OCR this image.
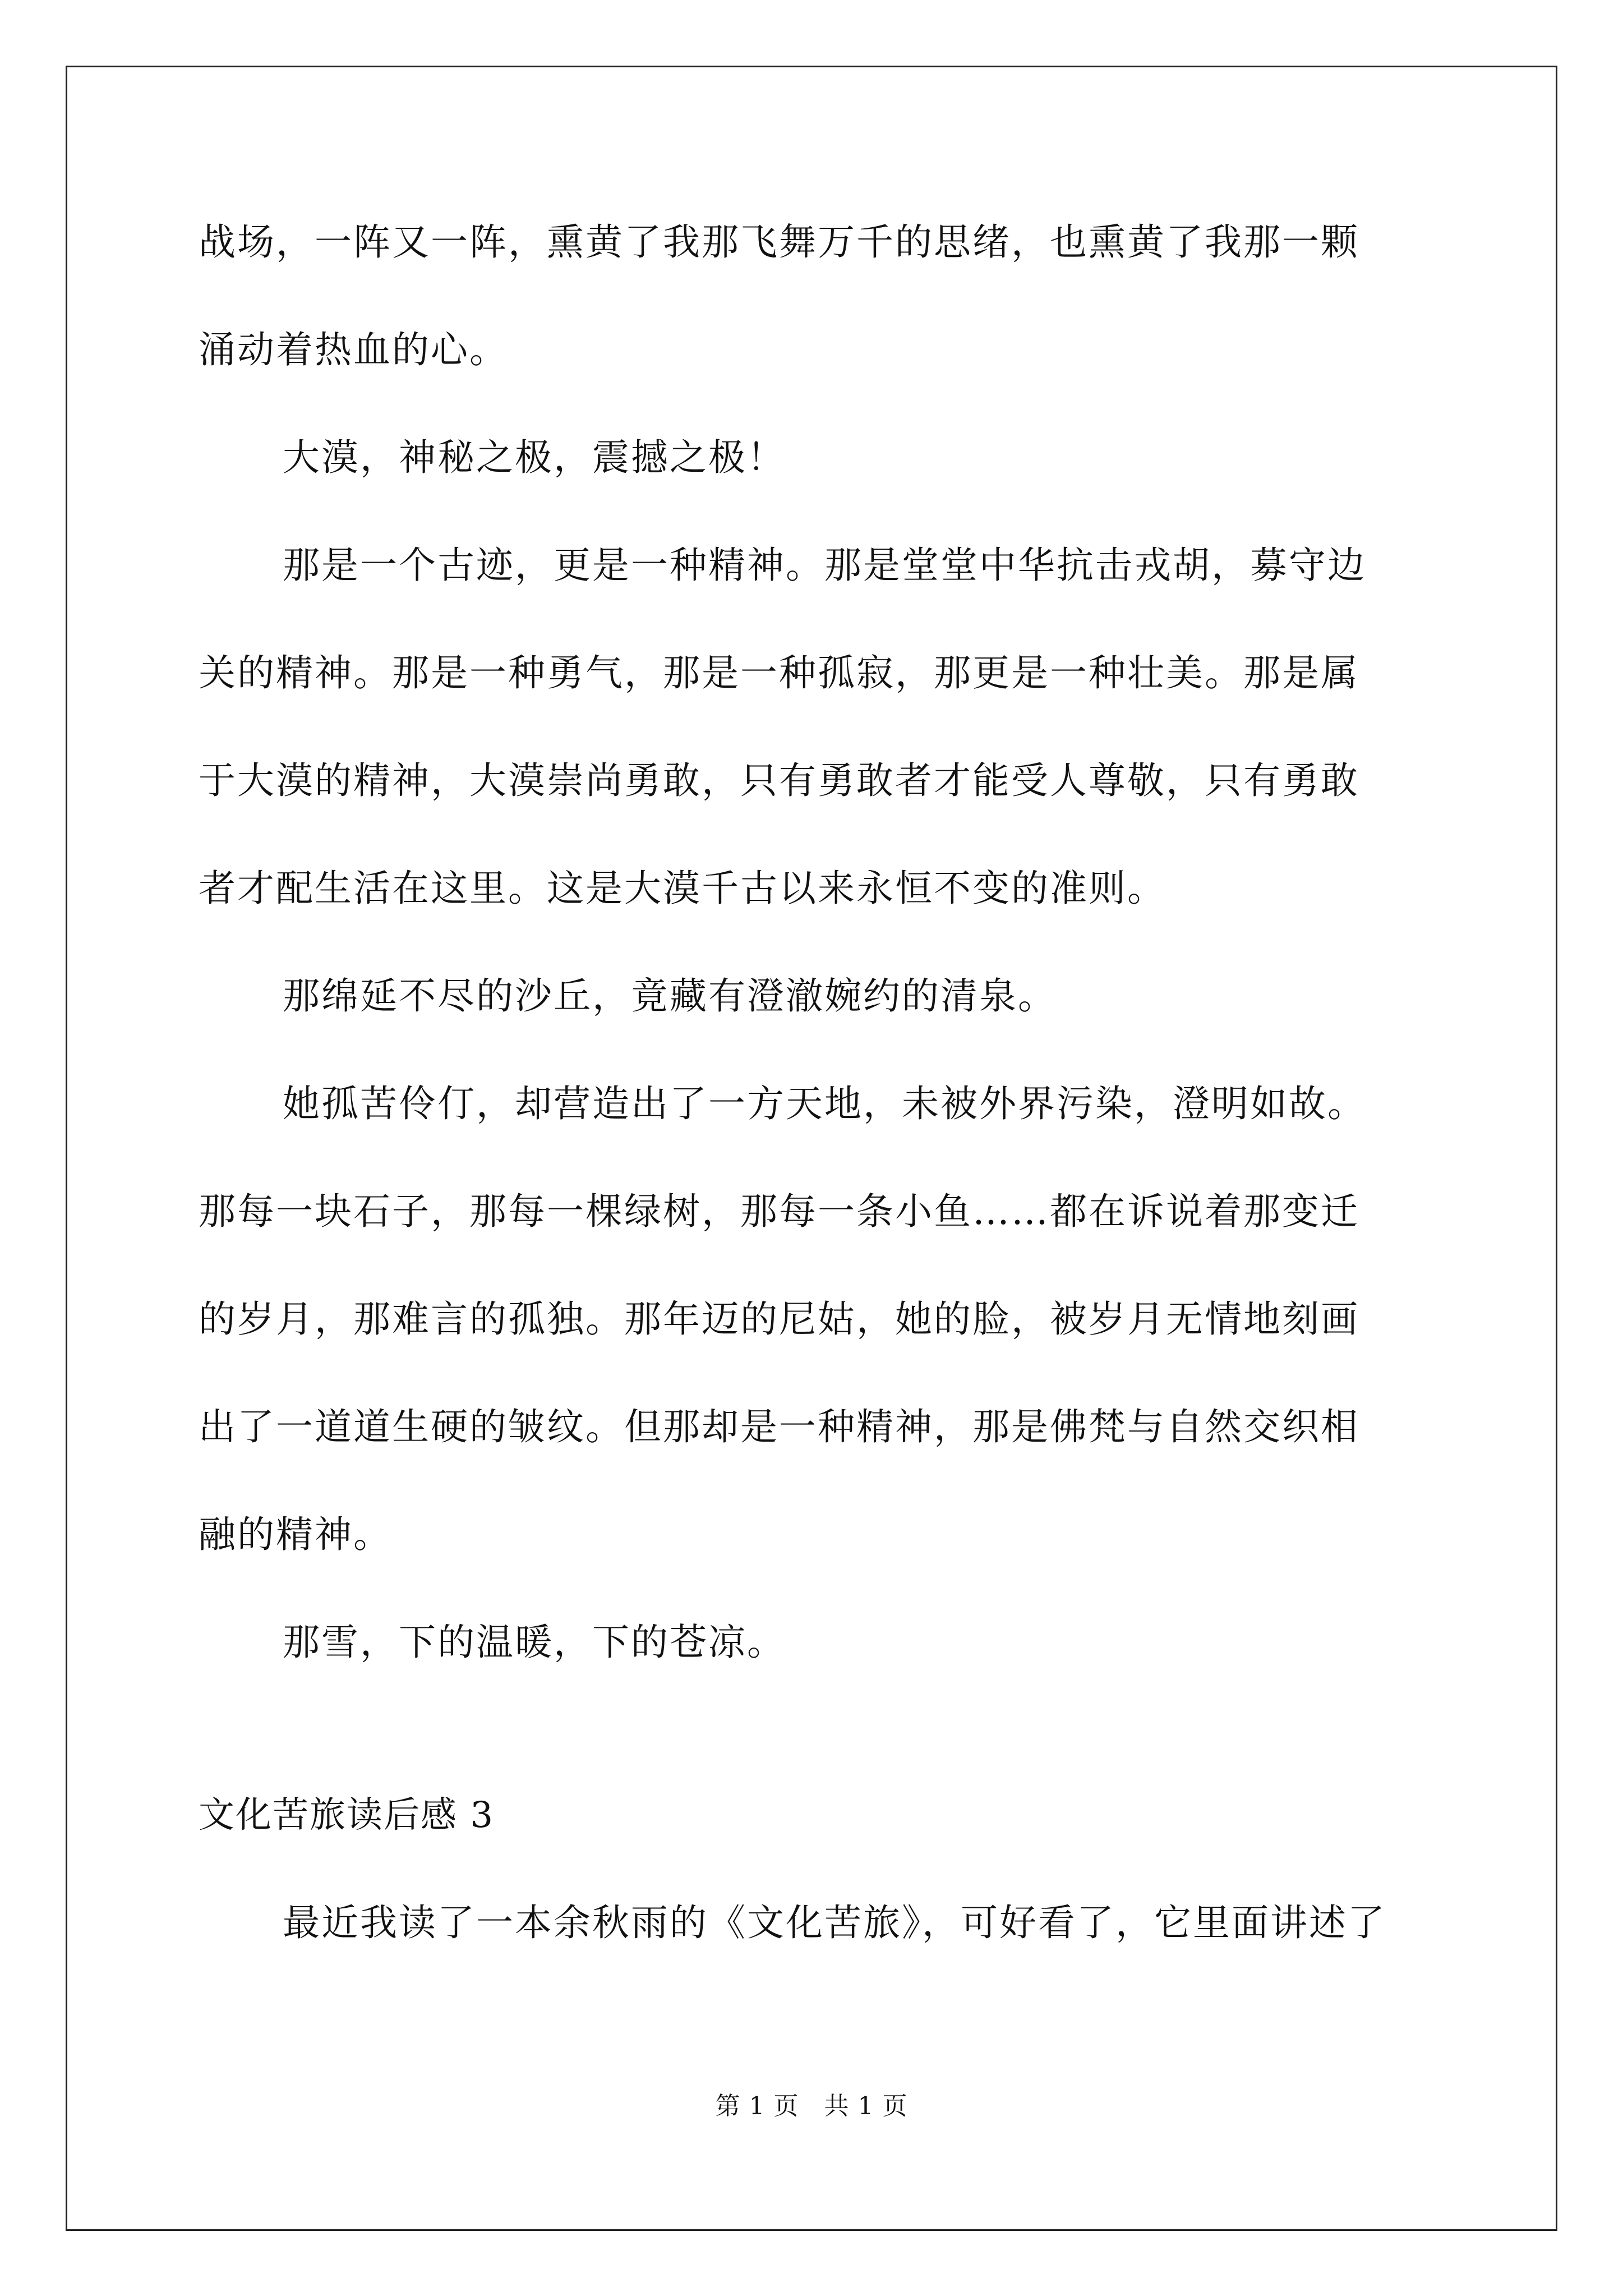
战场，一阵又一阵，熏黄了我那飞舞万千的思绪，也熏黄了我那一颗
涌动着热血的心。
大漠，神秘之极，震撼之极！
那是一个古迹，更是一种精神。那是堂堂中华抗击戎胡，募守边
关的精神。那是一种勇气，那是一种孤寂，那更是一种壮美。那是属
于大漠的精神，大漠崇尚勇敢，只有勇敢者才能受人尊敬，只有勇敢
者才配生活在这里。这是大漠千古以来永恒不变的准则。
那绵延不尽的沙丘，竟藏有澄澈婉约的清泉。
她孤苦伶仃，却营造出了一方天地，未被外界污染，澄明如故。
那每一块石子，那每一棵绿树，那每一条小鱼……都在诉说着那变迁
的岁月，那难言的孤独。那年迈的尼姑，她的脸，被岁月无情地刻画
出了一道道生硬的皱纹。但那却是一种精神，那是佛梵与自然交织相
融的精神。
那雪，下的温暖，下的苍凉。
文化苦旅读后感 3
最近我读了一本余秋雨的《文化苦旅》，可好看了，它里面讲述了
第 1 页　共 1 页
